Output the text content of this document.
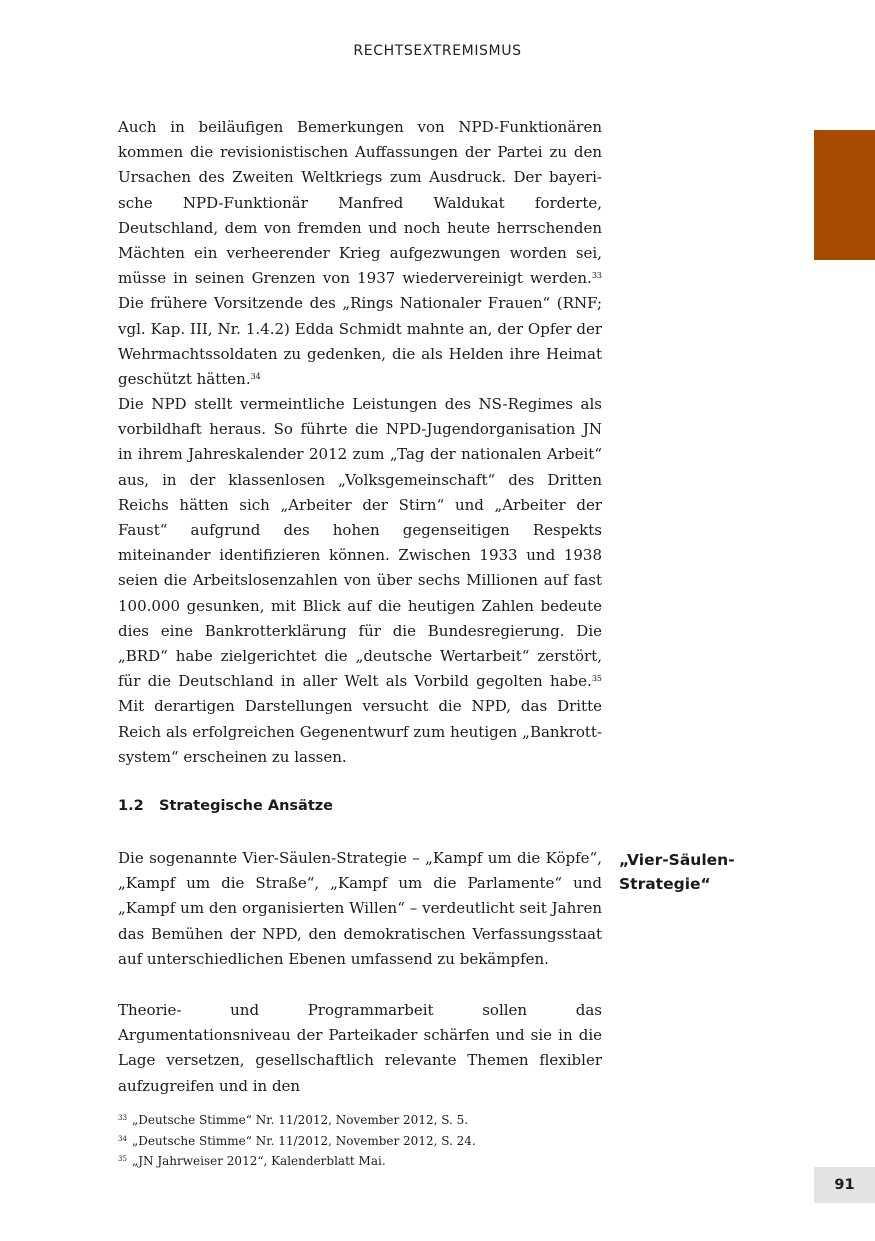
RECHTSEXTREMISMUS

Auch in beiläufigen Bemerkungen von NPD-Funktionären kommen die revisionistischen Auffassungen der Partei zu den Ursachen des Zweiten Weltkriegs zum Ausdruck. Der bayerische NPD-Funktionär Manfred Waldukat forderte, Deutschland, dem von fremden und noch heute herrschenden Mächten ein verheerender Krieg aufgezwungen worden sei, müsse in seinen Grenzen von 1937 wiedervereinigt werden.$^{33}$ Die frühere Vorsitzende des „Rings Nationaler Frauen“ (RNF; vgl. Kap. III, Nr. 1.4.2) Edda Schmidt mahnte an, der Opfer der Wehrmachtssoldaten zu gedenken, die als Helden ihre Heimat geschützt hätten.$^{34}$

Die NPD stellt vermeintliche Leistungen des NS-Regimes als vorbildhaft heraus. So führte die NPD-Jugendorganisation JN in ihrem Jahreskalender 2012 zum „Tag der nationalen Arbeit“ aus, in der klassenlosen „Volksgemeinschaft“ des Dritten Reichs hätten sich „Arbeiter der Stirn“ und „Arbeiter der Faust“ aufgrund des hohen gegenseitigen Respekts miteinander identifizieren können. Zwischen 1933 und 1938 seien die Arbeitslosenzahlen von über sechs Millionen auf fast 100.000 gesunken, mit Blick auf die heutigen Zahlen bedeute dies eine Bankrotterklärung für die Bundesregierung. Die „BRD“ habe zielgerichtet die „deutsche Wertarbeit“ zerstört, für die Deutschland in aller Welt als Vorbild gegolten habe.$^{35}$ Mit derartigen Darstellungen versucht die NPD, das Dritte Reich als erfolgreichen Gegenentwurf zum heutigen „Bankrottsystem“ erscheinen zu lassen.

1.2 Strategische Ansätze

Die sogenannte Vier-Säulen-Strategie – „Kampf um die Köpfe“, „Kampf um die Straße“, „Kampf um die Parlamente“ und „Kampf um den organisierten Willen“ – verdeutlicht seit Jahren das Bemühen der NPD, den demokratischen Verfassungsstaat auf unterschiedlichen Ebenen umfassend zu bekämpfen.

„Vier-Säulen-
Strategie“

Theorie- und Programmarbeit sollen das Argumentationsniveau der Parteikader schärfen und sie in die Lage versetzen, gesellschaftlich relevante Themen flexibler aufzugreifen und in den

33 „Deutsche Stimme“ Nr. 11/2012, November 2012, S. 5.
34 „Deutsche Stimme“ Nr. 11/2012, November 2012, S. 24.
35 „JN Jahrweiser 2012“, Kalenderblatt Mai.
91
